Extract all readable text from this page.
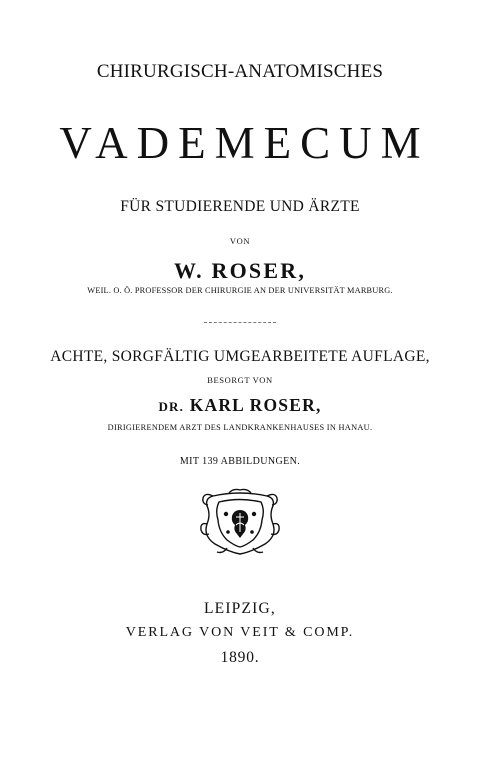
CHIRURGISCH-ANATOMISCHES
VADEMECUM
FÜR STUDIERENDE UND ÄRZTE
VON
W. ROSER,
WEIL. O. Ö. PROFESSOR DER CHIRURGIE AN DER UNIVERSITÄT MARBURG.
ACHTE, SORGFÄLTIG UMGEARBEITETE AUFLAGE,
BESORGT VON
DR. KARL ROSER,
DIRIGIERENDEM ARZT DES LANDKRANKENHAUSES IN HANAU.
MIT 139 ABBILDUNGEN.
LEIPZIG,
VERLAG VON VEIT & COMP.
1890.
